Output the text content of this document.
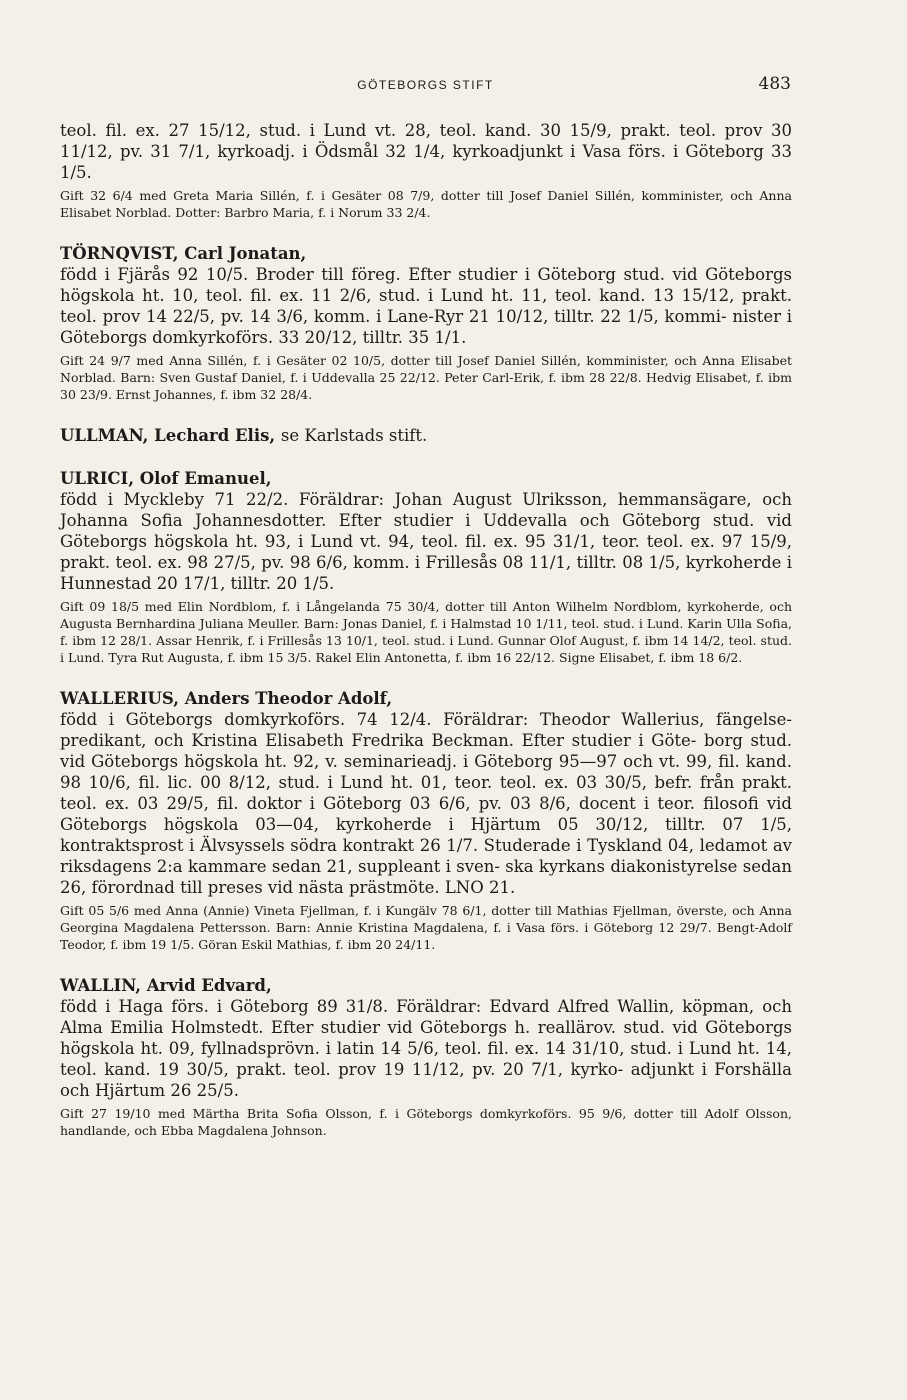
GÖTEBORGS STIFT	483

teol. fil. ex. 27 15/12, stud. i Lund vt. 28, teol. kand. 30 15/9, prakt. teol. prov 30 11/12, pv. 31 7/1, kyrkoadj. i Ödsmål 32 1/4, kyrkoadjunkt i Vasa förs. i Göteborg 33 1/5.

Gift 32 6/4 med Greta Maria Sillén, f. i Gesäter 08 7/9, dotter till Josef Daniel Sillén, komminister, och Anna Elisabet Norblad. Dotter: Barbro Maria, f. i Norum 33 2/4.

TÖRNQVIST, Carl Jonatan,

född i Fjärås 92 10/5. Broder till föreg. Efter studier i Göteborg stud. vid Göteborgs högskola ht. 10, teol. fil. ex. 11 2/6, stud. i Lund ht. 11, teol. kand. 13 15/12, prakt. teol. prov 14 22/5, pv. 14 3/6, komm. i Lane-Ryr 21 10/12, tilltr. 22 1/5, kommi- nister i Göteborgs domkyrkoförs. 33 20/12, tilltr. 35 1/1.

Gift 24 9/7 med Anna Sillén, f. i Gesäter 02 10/5, dotter till Josef Daniel Sillén, komminister, och Anna Elisabet Norblad. Barn: Sven Gustaf Daniel, f. i Uddevalla 25 22/12. Peter Carl-Erik, f. ibm 28 22/8. Hedvig Elisabet, f. ibm 30 23/9. Ernst Johannes, f. ibm 32 28/4.

ULLMAN, Lechard Elis, se Karlstads stift.
ULRICI, Olof Emanuel,

född i Myckleby 71 22/2. Föräldrar: Johan August Ulriksson, hemmansägare, och Johanna Sofia Johannesdotter. Efter studier i Uddevalla och Göteborg stud. vid Göteborgs högskola ht. 93, i Lund vt. 94, teol. fil. ex. 95 31/1, teor. teol. ex. 97 15/9, prakt. teol. ex. 98 27/5, pv. 98 6/6, komm. i Frillesås 08 11/1, tilltr. 08 1/5, kyrkoherde i Hunnestad 20 17/1, tilltr. 20 1/5.

Gift 09 18/5 med Elin Nordblom, f. i Långelanda 75 30/4, dotter till Anton Wilhelm Nordblom, kyrkoherde, och Augusta Bernhardina Juliana Meuller. Barn: Jonas Daniel, f. i Halmstad 10 1/11, teol. stud. i Lund. Karin Ulla Sofia, f. ibm 12 28/1. Assar Henrik, f. i Frillesås 13 10/1, teol. stud. i Lund. Gunnar Olof August, f. ibm 14 14/2, teol. stud. i Lund. Tyra Rut Augusta, f. ibm 15 3/5. Rakel Elin Antonetta, f. ibm 16 22/12. Signe Elisabet, f. ibm 18 6/2.

WALLERIUS, Anders Theodor Adolf,

född i Göteborgs domkyrkoförs. 74 12/4. Föräldrar: Theodor Wallerius, fängelse- predikant, och Kristina Elisabeth Fredrika Beckman. Efter studier i Göte- borg stud. vid Göteborgs högskola ht. 92, v. seminarieadj. i Göteborg 95—97 och vt. 99, fil. kand. 98 10/6, fil. lic. 00 8/12, stud. i Lund ht. 01, teor. teol. ex. 03 30/5, befr. från prakt. teol. ex. 03 29/5, fil. doktor i Göteborg 03 6/6, pv. 03 8/6, docent i teor. filosofi vid Göteborgs högskola 03—04, kyrkoherde i Hjärtum 05 30/12, tilltr. 07 1/5, kontraktsprost i Älvsyssels södra kontrakt 26 1/7. Studerade i Tyskland 04, ledamot av riksdagens 2:a kammare sedan 21, suppleant i sven- ska kyrkans diakonistyrelse sedan 26, förordnad till preses vid nästa prästmöte. LNO 21.

Gift 05 5/6 med Anna (Annie) Vineta Fjellman, f. i Kungälv 78 6/1, dotter till Mathias Fjellman, överste, och Anna Georgina Magdalena Pettersson. Barn: Annie Kristina Magdalena, f. i Vasa förs. i Göteborg 12 29/7. Bengt-Adolf Teodor, f. ibm 19 1/5. Göran Eskil Mathias, f. ibm 20 24/11.

WALLIN, Arvid Edvard,

född i Haga förs. i Göteborg 89 31/8. Föräldrar: Edvard Alfred Wallin, köpman, och Alma Emilia Holmstedt. Efter studier vid Göteborgs h. reallärov. stud. vid Göteborgs högskola ht. 09, fyllnadsprövn. i latin 14 5/6, teol. fil. ex. 14 31/10, stud. i Lund ht. 14, teol. kand. 19 30/5, prakt. teol. prov 19 11/12, pv. 20 7/1, kyrko- adjunkt i Forshälla och Hjärtum 26 25/5.

Gift 27 19/10 med Märtha Brita Sofia Olsson, f. i Göteborgs domkyrkoförs. 95 9/6, dotter till Adolf Olsson, handlande, och Ebba Magdalena Johnson.
